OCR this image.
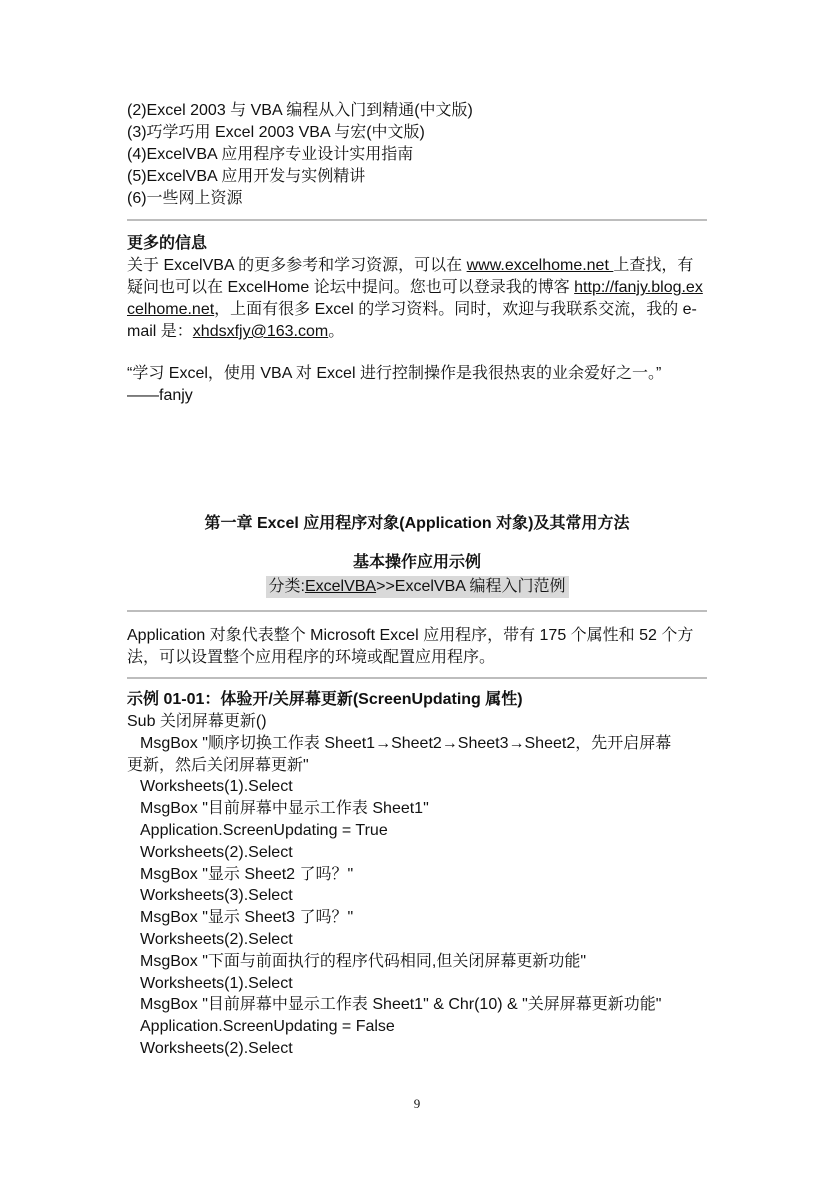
(2)Excel 2003 与 VBA 编程从入门到精通(中文版)
(3)巧学巧用 Excel 2003 VBA 与宏(中文版)
(4)ExcelVBA 应用程序专业设计实用指南
(5)ExcelVBA 应用开发与实例精讲
(6)一些网上资源
更多的信息
关于 ExcelVBA 的更多参考和学习资源，可以在 www.excelhome.net 上查找，有疑问也可以在 ExcelHome 论坛中提问。您也可以登录我的博客 http://fanjy.blog.excelhome.net，上面有很多 Excel 的学习资料。同时，欢迎与我联系交流，我的 e-mail 是：xhdsxfjy@163.com。
“学习 Excel，使用 VBA 对 Excel 进行控制操作是我很热衷的业余爱好之一。”
——fanjy
第一章 Excel 应用程序对象(Application 对象)及其常用方法
基本操作应用示例
分类:ExcelVBA>>ExcelVBA 编程入门范例
Application 对象代表整个 Microsoft Excel 应用程序，带有 175 个属性和 52 个方法，可以设置整个应用程序的环境或配置应用程序。
示例 01-01：体验开/关屏幕更新(ScreenUpdating 属性)
Sub 关闭屏幕更新()
MsgBox "顺序切换工作表 Sheet1→Sheet2→Sheet3→Sheet2，先开启屏幕
更新，然后关闭屏幕更新"
Worksheets(1).Select
MsgBox "目前屏幕中显示工作表 Sheet1"
Application.ScreenUpdating = True
Worksheets(2).Select
MsgBox "显示 Sheet2 了吗？"
Worksheets(3).Select
MsgBox "显示 Sheet3 了吗？"
Worksheets(2).Select
MsgBox "下面与前面执行的程序代码相同,但关闭屏幕更新功能"
Worksheets(1).Select
MsgBox "目前屏幕中显示工作表 Sheet1" & Chr(10) & "关屏屏幕更新功能"
Application.ScreenUpdating = False
Worksheets(2).Select
9
